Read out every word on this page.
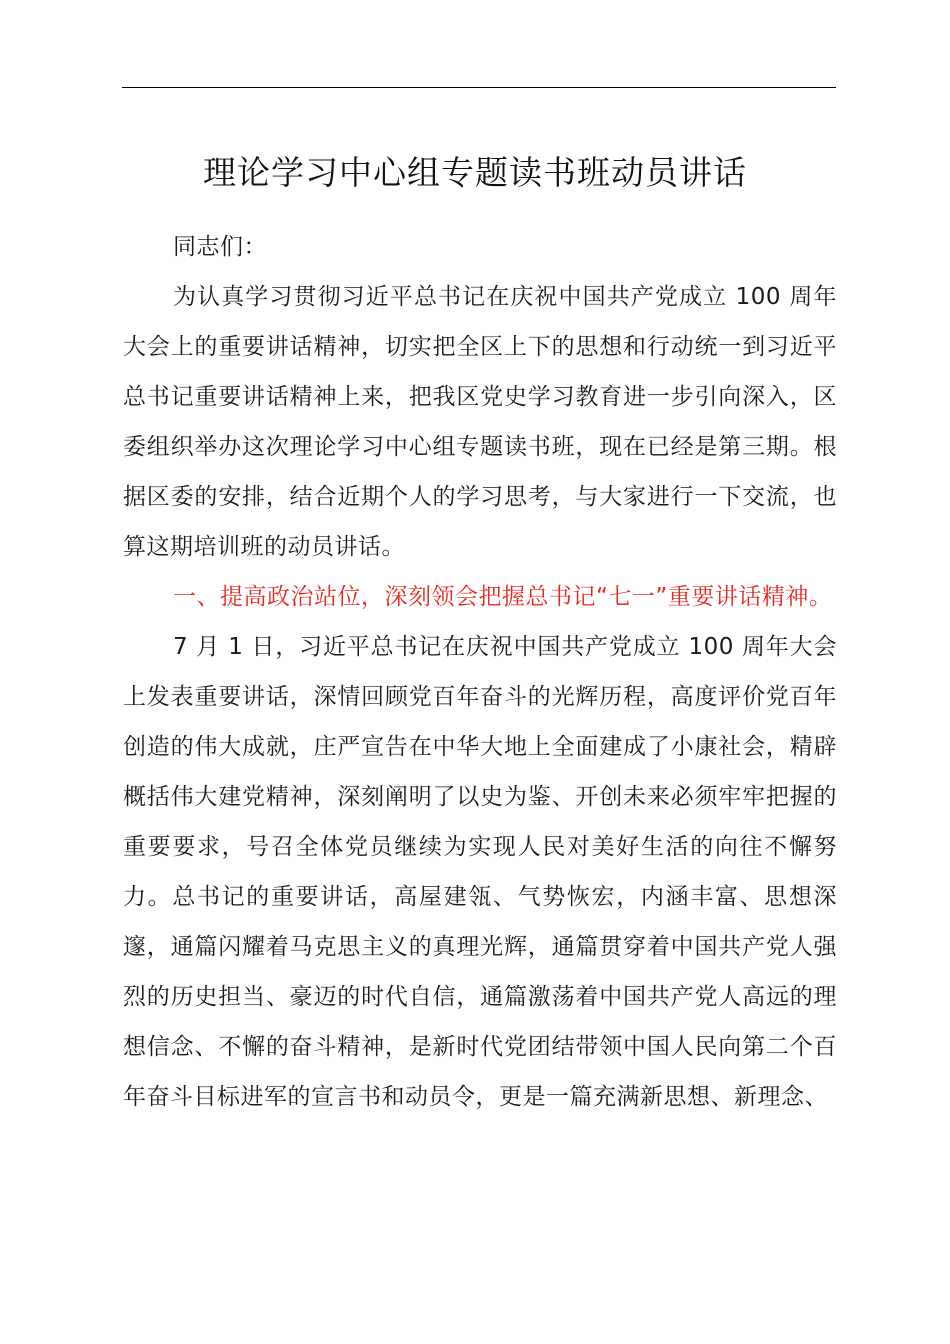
理论学习中心组专题读书班动员讲话

同志们：

为认真学习贯彻习近平总书记在庆祝中国共产党成立 100 周年大会上的重要讲话精神，切实把全区上下的思想和行动统一到习近平总书记重要讲话精神上来，把我区党史学习教育进一步引向深入，区委组织举办这次理论学习中心组专题读书班，现在已经是第三期。根据区委的安排，结合近期个人的学习思考，与大家进行一下交流，也算这期培训班的动员讲话。

一、提高政治站位，深刻领会把握总书记“七一”重要讲话精神。

7 月 1 日，习近平总书记在庆祝中国共产党成立 100 周年大会上发表重要讲话，深情回顾党百年奋斗的光辉历程，高度评价党百年创造的伟大成就，庄严宣告在中华大地上全面建成了小康社会，精辟概括伟大建党精神，深刻阐明了以史为鉴、开创未来必须牢牢把握的重要要求，号召全体党员继续为实现人民对美好生活的向往不懈努力。总书记的重要讲话，高屋建瓴、气势恢宏，内涵丰富、思想深邃，通篇闪耀着马克思主义的真理光辉，通篇贯穿着中国共产党人强烈的历史担当、豪迈的时代自信，通篇激荡着中国共产党人高远的理想信念、不懈的奋斗精神，是新时代党团结带领中国人民向第二个百年奋斗目标进军的宣言书和动员令，更是一篇充满新思想、新理念、
